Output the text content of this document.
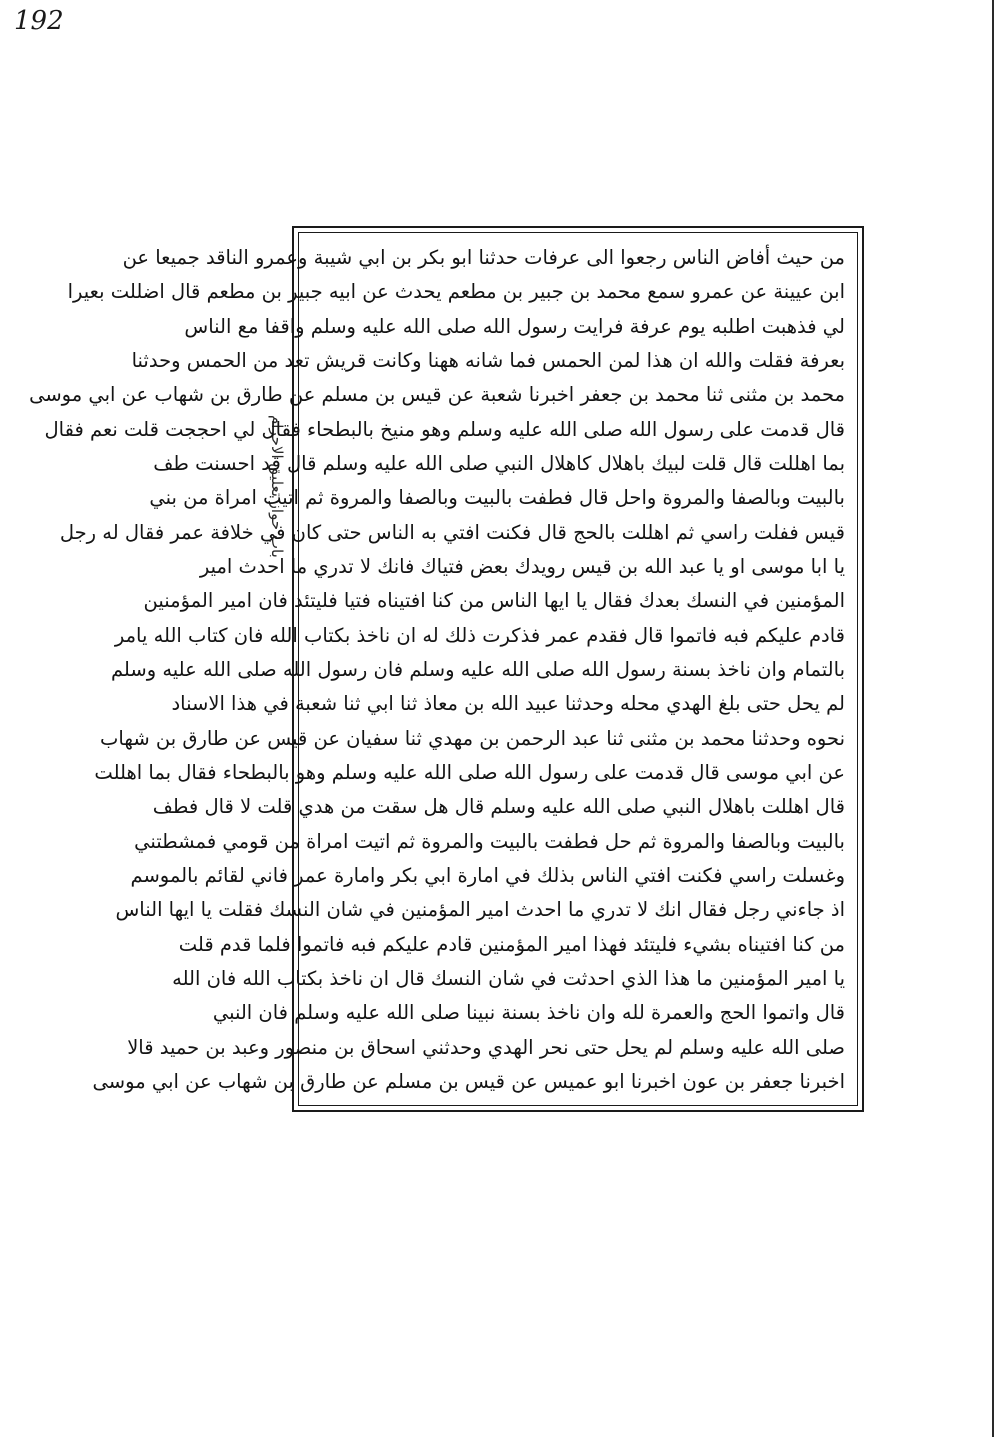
192
باب حواز تعليق الاحرام
من حيث أفاض الناس رجعوا الى عرفات حدثنا ابو بكر بن ابي شيبة وعمرو الناقد جميعا عن
ابن عيينة عن عمرو سمع محمد بن جبير بن مطعم يحدث عن ابيه جبير بن مطعم قال اضللت بعيرا
لي فذهبت اطلبه يوم عرفة فرايت رسول الله صلى الله عليه وسلم واقفا مع الناس
بعرفة فقلت والله ان هذا لمن الحمس فما شانه ههنا وكانت قريش تعد من الحمس وحدثنا
محمد بن مثنى ثنا محمد بن جعفر اخبرنا شعبة عن قيس بن مسلم عن طارق بن شهاب عن ابي موسى
قال قدمت على رسول الله صلى الله عليه وسلم وهو منيخ بالبطحاء فقال لي احججت قلت نعم فقال
بما اهللت قال قلت لبيك باهلال كاهلال النبي صلى الله عليه وسلم قال قد احسنت طف
بالبيت وبالصفا والمروة واحل قال فطفت بالبيت وبالصفا والمروة ثم اتيت امراة من بني
قيس ففلت راسي ثم اهللت بالحج قال فكنت افتي به الناس حتى كان في خلافة عمر فقال له رجل
يا ابا موسى او يا عبد الله بن قيس رويدك بعض فتياك فانك لا تدري ما احدث امير
المؤمنين في النسك بعدك فقال يا ايها الناس من كنا افتيناه فتيا فليتئد فان امير المؤمنين
قادم عليكم فبه فاتموا قال فقدم عمر فذكرت ذلك له ان ناخذ بكتاب الله فان كتاب الله يامر
بالتمام وان ناخذ بسنة رسول الله صلى الله عليه وسلم فان رسول الله صلى الله عليه وسلم
لم يحل حتى بلغ الهدي محله وحدثنا عبيد الله بن معاذ ثنا ابي ثنا شعبة في هذا الاسناد
نحوه وحدثنا محمد بن مثنى ثنا عبد الرحمن بن مهدي ثنا سفيان عن قيس عن طارق بن شهاب
عن ابي موسى قال قدمت على رسول الله صلى الله عليه وسلم وهو بالبطحاء فقال بما اهللت
قال اهللت باهلال النبي صلى الله عليه وسلم قال هل سقت من هدي قلت لا قال فطف
بالبيت وبالصفا والمروة ثم حل فطفت بالبيت والمروة ثم اتيت امراة من قومي فمشطتني
وغسلت راسي فكنت افتي الناس بذلك في امارة ابي بكر وامارة عمر فاني لقائم بالموسم
اذ جاءني رجل فقال انك لا تدري ما احدث امير المؤمنين في شان النسك فقلت يا ايها الناس
من كنا افتيناه بشيء فليتئد فهذا امير المؤمنين قادم عليكم فبه فاتموا فلما قدم قلت
يا امير المؤمنين ما هذا الذي احدثت في شان النسك قال ان ناخذ بكتاب الله فان الله
قال واتموا الحج والعمرة لله وان ناخذ بسنة نبينا صلى الله عليه وسلم فان النبي
صلى الله عليه وسلم لم يحل حتى نحر الهدي وحدثني اسحاق بن منصور وعبد بن حميد قالا
اخبرنا جعفر بن عون اخبرنا ابو عميس عن قيس بن مسلم عن طارق بن شهاب عن ابي موسى
